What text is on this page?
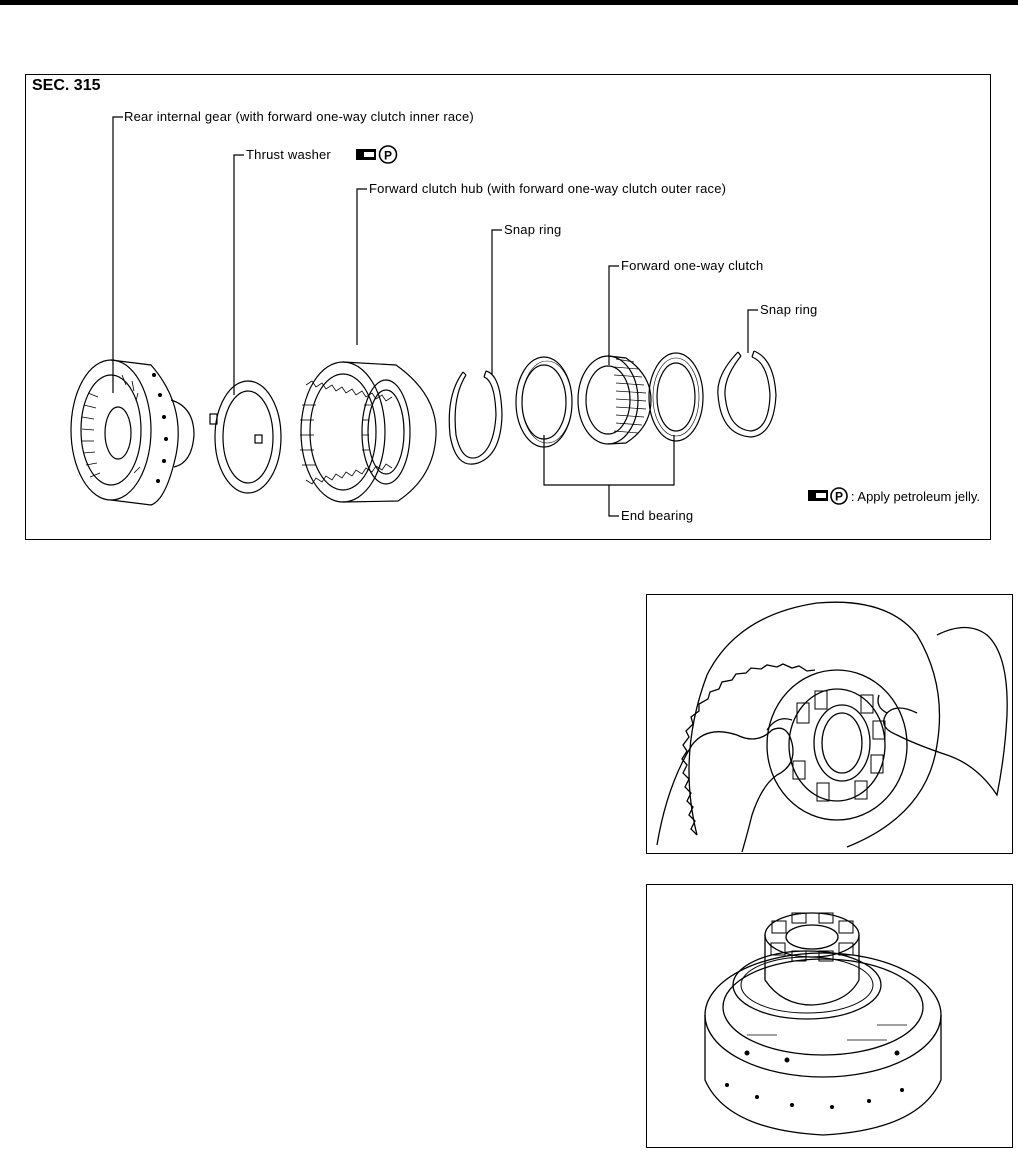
SEC. 315
P
Rear internal gear (with forward one-way clutch inner race)
Thrust washer
Forward clutch hub (with forward one-way clutch outer race)
Snap ring
Forward one-way clutch
Snap ring
End bearing
P : Apply petroleum jelly.
